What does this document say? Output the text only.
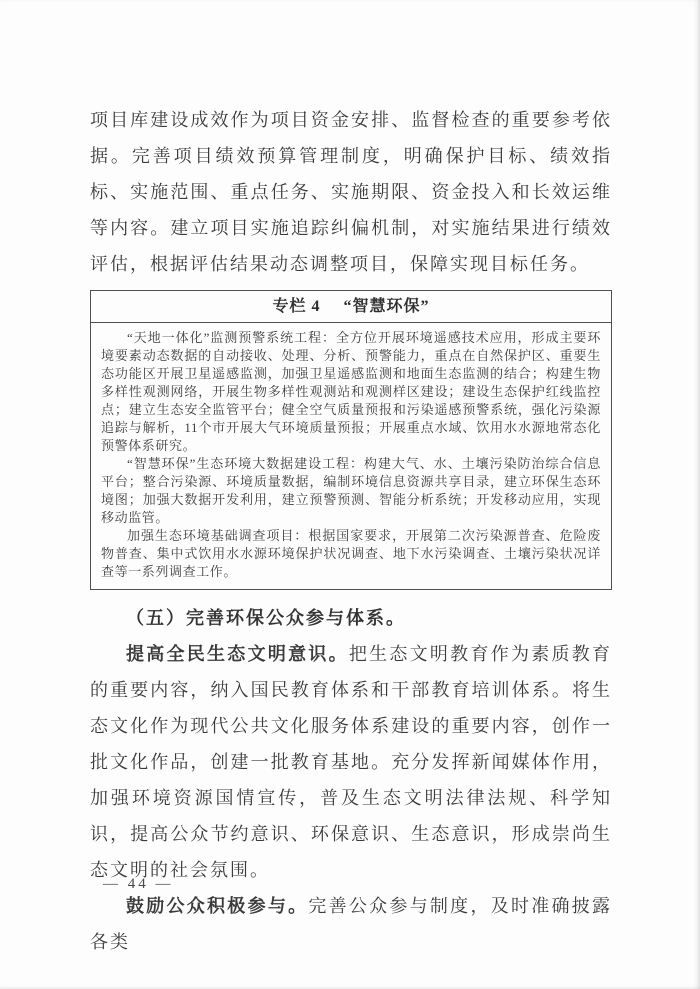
项目库建设成效作为项目资金安排、监督检查的重要参考依据。完善项目绩效预算管理制度，明确保护目标、绩效指标、实施范围、重点任务、实施期限、资金投入和长效运维等内容。建立项目实施追踪纠偏机制，对实施结果进行绩效评估，根据评估结果动态调整项目，保障实现目标任务。

专栏 4 “智慧环保”

“天地一体化”监测预警系统工程：全方位开展环境遥感技术应用，形成主要环境要素动态数据的自动接收、处理、分析、预警能力，重点在自然保护区、重要生态功能区开展卫星遥感监测，加强卫星遥感监测和地面生态监测的结合；构建生物多样性观测网络，开展生物多样性观测站和观测样区建设；建设生态保护红线监控点；建立生态安全监管平台；健全空气质量预报和污染遥感预警系统，强化污染源追踪与解析，11个市开展大气环境质量预报；开展重点水域、饮用水水源地常态化预警体系研究。

“智慧环保”生态环境大数据建设工程：构建大气、水、土壤污染防治综合信息平台；整合污染源、环境质量数据，编制环境信息资源共享目录，建立环保生态环境图；加强大数据开发利用，建立预警预测、智能分析系统；开发移动应用，实现移动监管。

加强生态环境基础调查项目：根据国家要求，开展第二次污染源普查、危险废物普查、集中式饮用水水源环境保护状况调查、地下水污染调查、土壤污染状况详查等一系列调查工作。

（五）完善环保公众参与体系。

提高全民生态文明意识。把生态文明教育作为素质教育的重要内容，纳入国民教育体系和干部教育培训体系。将生态文化作为现代公共文化服务体系建设的重要内容，创作一批文化作品，创建一批教育基地。充分发挥新闻媒体作用，加强环境资源国情宣传，普及生态文明法律法规、科学知识，提高公众节约意识、环保意识、生态意识，形成崇尚生态文明的社会氛围。

鼓励公众积极参与。完善公众参与制度，及时准确披露各类

— 44 —
